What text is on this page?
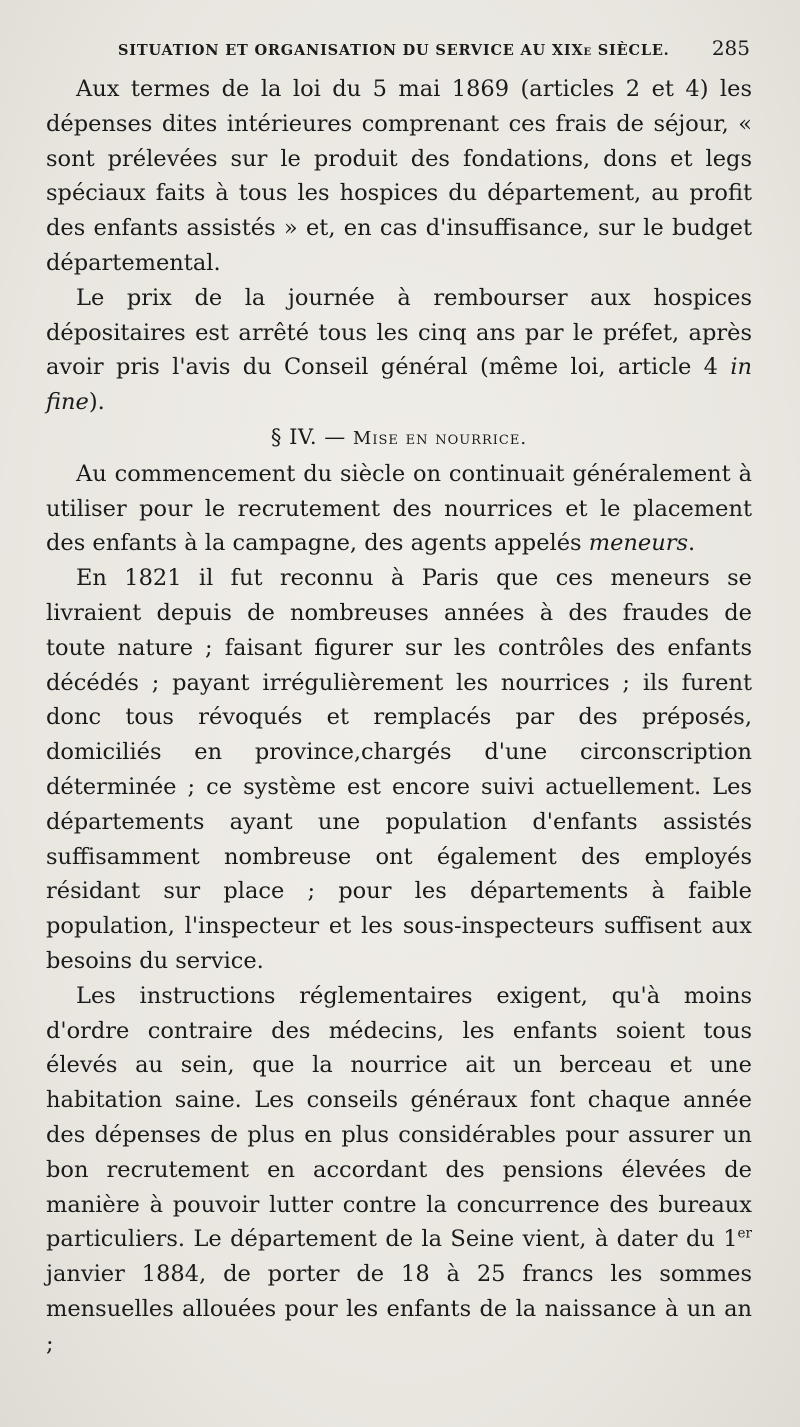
SITUATION ET ORGANISATION DU SERVICE AU XIXe SIÈCLE. 285

Aux termes de la loi du 5 mai 1869 (articles 2 et 4) les dépenses dites intérieures comprenant ces frais de séjour, « sont prélevées sur le produit des fondations, dons et legs spéciaux faits à tous les hospices du département, au profit des enfants assistés » et, en cas d'insuffisance, sur le budget départemental.

Le prix de la journée à rembourser aux hospices dépositaires est arrêté tous les cinq ans par le préfet, après avoir pris l'avis du Conseil général (même loi, article 4 in fine).

§ IV. — Mise en nourrice.

Au commencement du siècle on continuait généralement à utiliser pour le recrutement des nourrices et le placement des enfants à la campagne, des agents appelés meneurs.

En 1821 il fut reconnu à Paris que ces meneurs se livraient depuis de nombreuses années à des fraudes de toute nature ; faisant figurer sur les contrôles des enfants décédés ; payant irrégulièrement les nourrices ; ils furent donc tous révoqués et remplacés par des préposés, domiciliés en province,chargés d'une circonscription déterminée ; ce système est encore suivi actuellement. Les départements ayant une population d'enfants assistés suffisamment nombreuse ont également des employés résidant sur place ; pour les départements à faible population, l'inspecteur et les sous-inspecteurs suffisent aux besoins du service.

Les instructions réglementaires exigent, qu'à moins d'ordre contraire des médecins, les enfants soient tous élevés au sein, que la nourrice ait un berceau et une habitation saine. Les conseils généraux font chaque année des dépenses de plus en plus considérables pour assurer un bon recrutement en accordant des pensions élevées de manière à pouvoir lutter contre la concurrence des bureaux particuliers. Le département de la Seine vient, à dater du 1er janvier 1884, de porter de 18 à 25 francs les sommes mensuelles allouées pour les enfants de la naissance à un an ;
